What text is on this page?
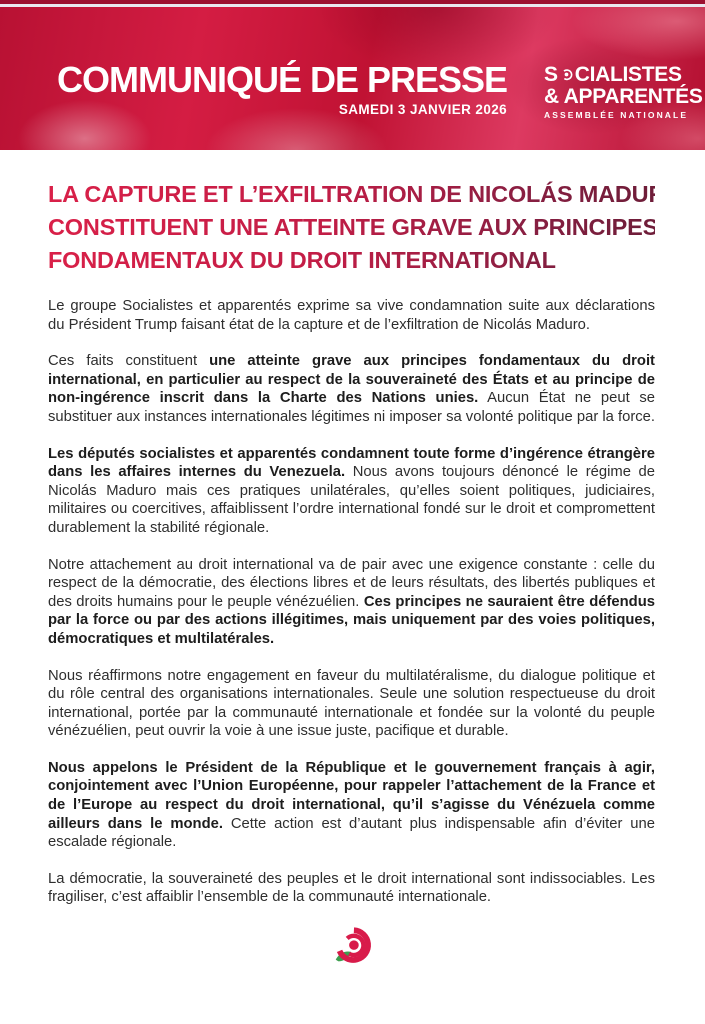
COMMUNIQUÉ DE PRESSE
SAMEDI 3 JANVIER 2026
S CIALISTES
& APPARENTÉS
ASSEMBLÉE NATIONALE
LA CAPTURE ET L’EXFILTRATION DE NICOLÁS MADURO
CONSTITUENT UNE ATTEINTE GRAVE AUX PRINCIPES
FONDAMENTAUX DU DROIT INTERNATIONAL

Le groupe Socialistes et apparentés exprime sa vive condamnation suite aux déclarations du Président Trump faisant état de la capture et de l’exfiltration de Nicolás Maduro.

Ces faits constituent une atteinte grave aux principes fondamentaux du droit international, en particulier au respect de la souveraineté des États et au principe de non-ingérence inscrit dans la Charte des Nations unies. Aucun État ne peut se substituer aux instances internationales légitimes ni imposer sa volonté politique par la force.

Les députés socialistes et apparentés condamnent toute forme d’ingérence étrangère dans les affaires internes du Venezuela. Nous avons toujours dénoncé le régime de Nicolás Maduro mais ces pratiques unilatérales, qu’elles soient politiques, judiciaires, militaires ou coercitives, affaiblissent l’ordre international fondé sur le droit et compromettent durablement la stabilité régionale.

Notre attachement au droit international va de pair avec une exigence constante : celle du respect de la démocratie, des élections libres et de leurs résultats, des libertés publiques et des droits humains pour le peuple vénézuélien. Ces principes ne sauraient être défendus par la force ou par des actions illégitimes, mais uniquement par des voies politiques, démocratiques et multilatérales.

Nous réaffirmons notre engagement en faveur du multilatéralisme, du dialogue politique et du rôle central des organisations internationales. Seule une solution respectueuse du droit international, portée par la communauté internationale et fondée sur la volonté du peuple vénézuélien, peut ouvrir la voie à une issue juste, pacifique et durable.

Nous appelons le Président de la République et le gouvernement français à agir, conjointement avec l’Union Européenne, pour rappeler l’attachement de la France et de l’Europe au respect du droit international, qu’il s’agisse du Vénézuela comme ailleurs dans le monde. Cette action est d’autant plus indispensable afin d’éviter une escalade régionale.

La démocratie, la souveraineté des peuples et le droit international sont indissociables. Les fragiliser, c’est affaiblir l’ensemble de la communauté internationale.
